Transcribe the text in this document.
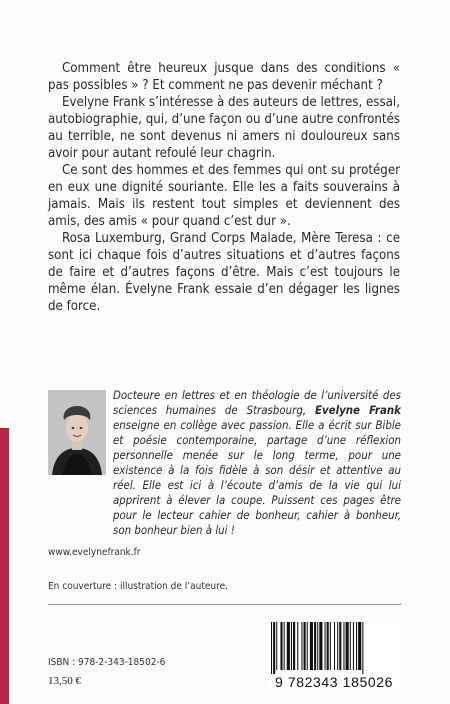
Comment être heureux jusque dans des conditions « pas possibles » ? Et comment ne pas devenir méchant ?

Evelyne Frank s’intéresse à des auteurs de lettres, essai, autobiographie, qui, d’une façon ou d’une autre confrontés au terrible, ne sont devenus ni amers ni douloureux sans avoir pour autant refoulé leur chagrin.

Ce sont des hommes et des femmes qui ont su protéger en eux une dignité souriante. Elle les a faits souverains à jamais. Mais ils restent tout simples et deviennent des amis, des amis « pour quand c’est dur ».

Rosa Luxemburg, Grand Corps Malade, Mère Teresa : ce sont ici chaque fois d’autres situations et d’autres façons de faire et d’autres façons d’être. Mais c’est toujours le même élan. Évelyne Frank essaie d’en dégager les lignes de force.

Docteure en lettres et en théologie de l’université des sciences humaines de Strasbourg, Evelyne Frank enseigne en collège avec passion. Elle a écrit sur Bible et poésie contemporaine, partage d’une réflexion personnelle menée sur le long terme, pour une existence à la fois fidèle à son désir et attentive au réel. Elle est ici à l’écoute d’amis de la vie qui lui apprirent à élever la coupe. Puissent ces pages être pour le lecteur cahier de bonheur, cahier à bonheur, son bonheur bien à lui !
www.evelynefrank.fr
En couverture : illustration de l’auteure.
ISBN : 978-2-343-18502-6
13,50 €	9 782343 185026
